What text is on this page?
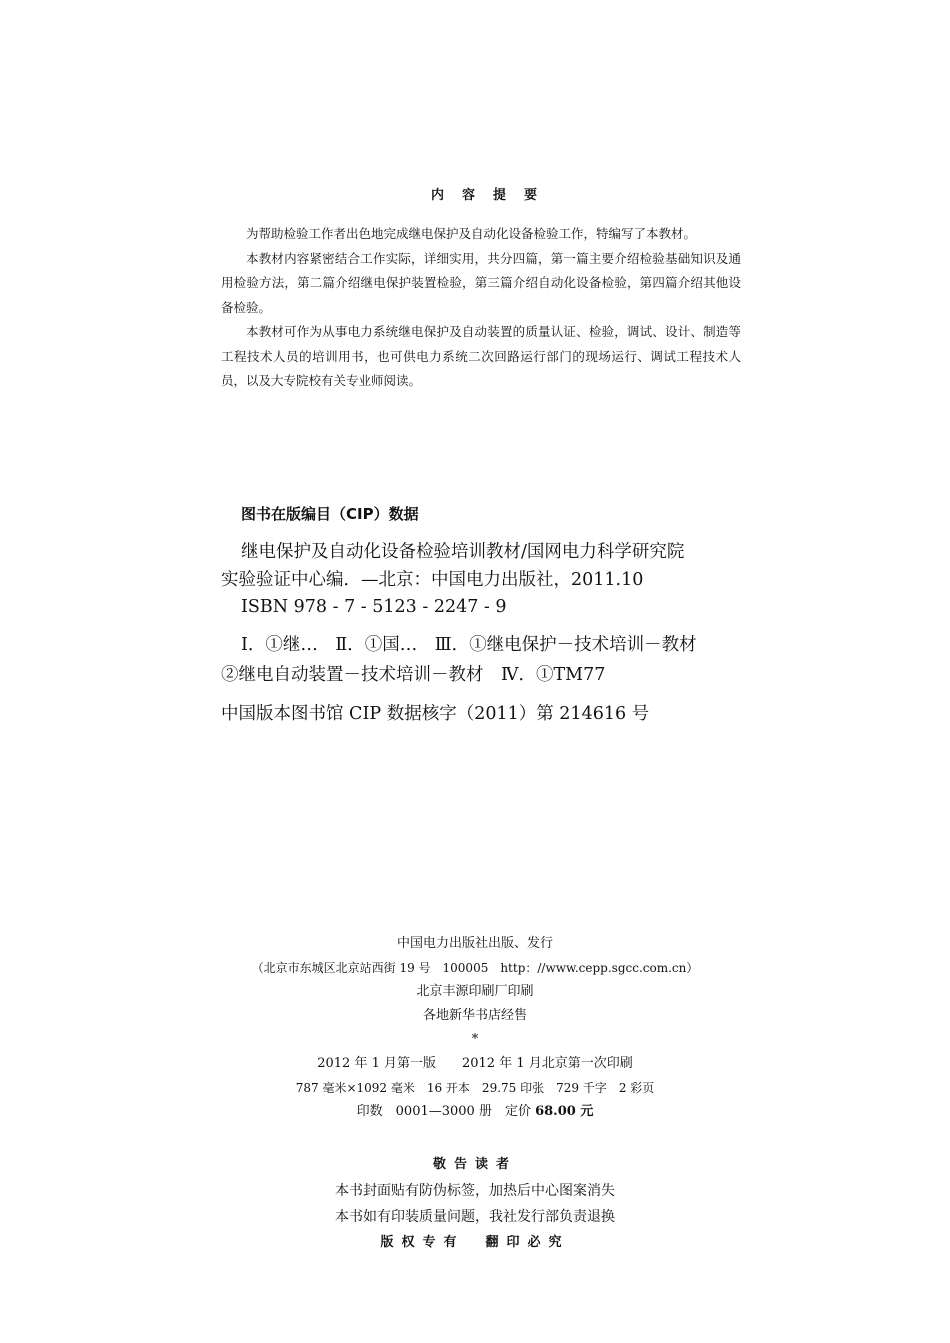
内容提要

为帮助检验工作者出色地完成继电保护及自动化设备检验工作，特编写了本教材。

本教材内容紧密结合工作实际，详细实用，共分四篇，第一篇主要介绍检验基础知识及通用检验方法，第二篇介绍继电保护装置检验，第三篇介绍自动化设备检验，第四篇介绍其他设备检验。

本教材可作为从事电力系统继电保护及自动装置的质量认证、检验，调试、设计、制造等工程技术人员的培训用书，也可供电力系统二次回路运行部门的现场运行、调试工程技术人员，以及大专院校有关专业师阅读。

图书在版编目（CIP）数据
继电保护及自动化设备检验培训教材/国网电力科学研究院
实验验证中心编．—北京：中国电力出版社，2011.10
ISBN 978 - 7 - 5123 - 2247 - 9
Ⅰ．①继…　Ⅱ．①国…　Ⅲ．①继电保护－技术培训－教材
②继电自动装置－技术培训－教材　Ⅳ．①TM77
中国版本图书馆 CIP 数据核字（2011）第 214616 号
中国电力出版社出版、发行
（北京市东城区北京站西街 19 号　100005　http：//www.cepp.sgcc.com.cn）
北京丰源印刷厂印刷
各地新华书店经售
*
2012 年 1 月第一版　　2012 年 1 月北京第一次印刷
787 毫米×1092 毫米　16 开本　29.75 印张　729 千字　2 彩页
印数　0001—3000 册　定价 68.00 元
敬告读者
本书封面贴有防伪标签，加热后中心图案消失
本书如有印装质量问题，我社发行部负责退换
版权专有　翻印必究
